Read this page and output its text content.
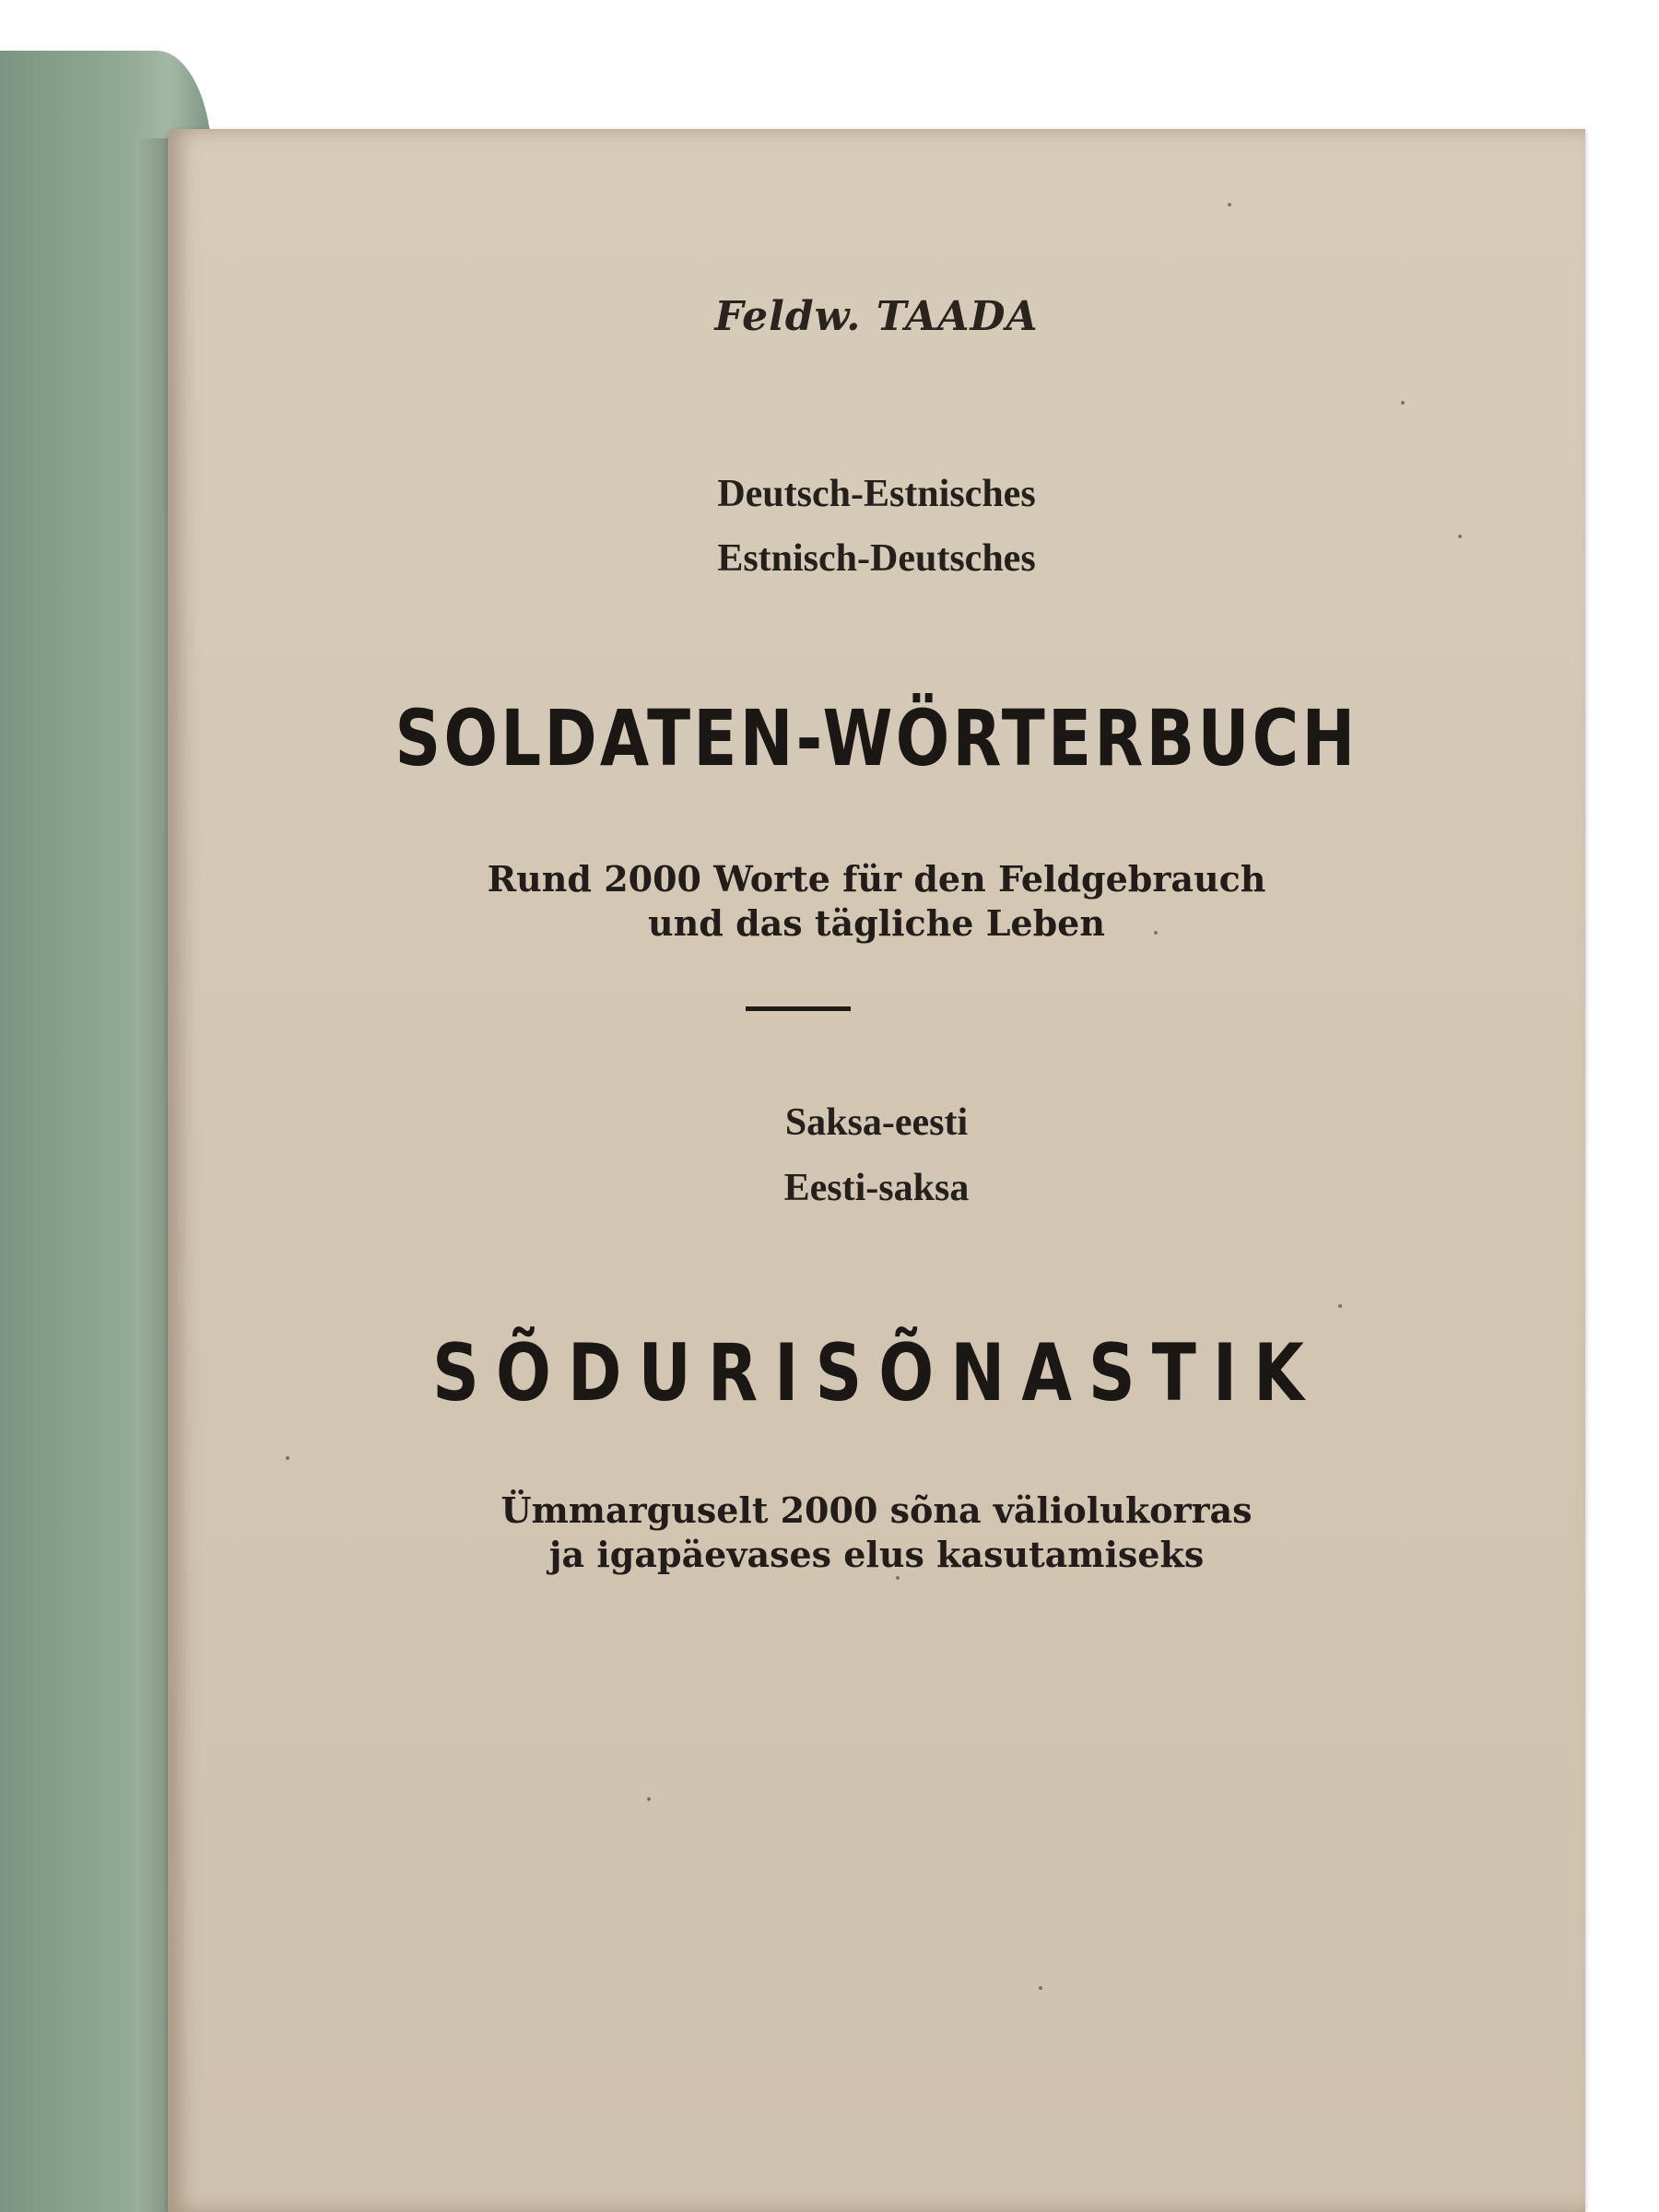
Feldw. TAADA
Deutsch-Estnisches
Estnisch-Deutsches
SOLDATEN-WÖRTERBUCH
Rund 2000 Worte für den Feldgebrauch
und das tägliche Leben
Saksa-eesti
Eesti-saksa
SÕDURISÕNASTIK
Ümmarguselt 2000 sõna väliolukorras
ja igapäevases elus kasutamiseks
